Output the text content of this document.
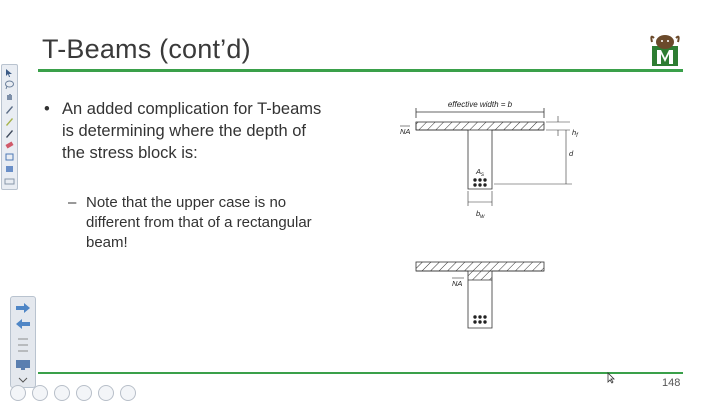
T-Beams (cont’d)
• An added complication for T-beams is determining where the depth of the stress block is:
– Note that the upper case is no different from that of a rectangular beam!
effective width = b
NA	$h_f$
d
$A_s$
$b_w$
NA
148
